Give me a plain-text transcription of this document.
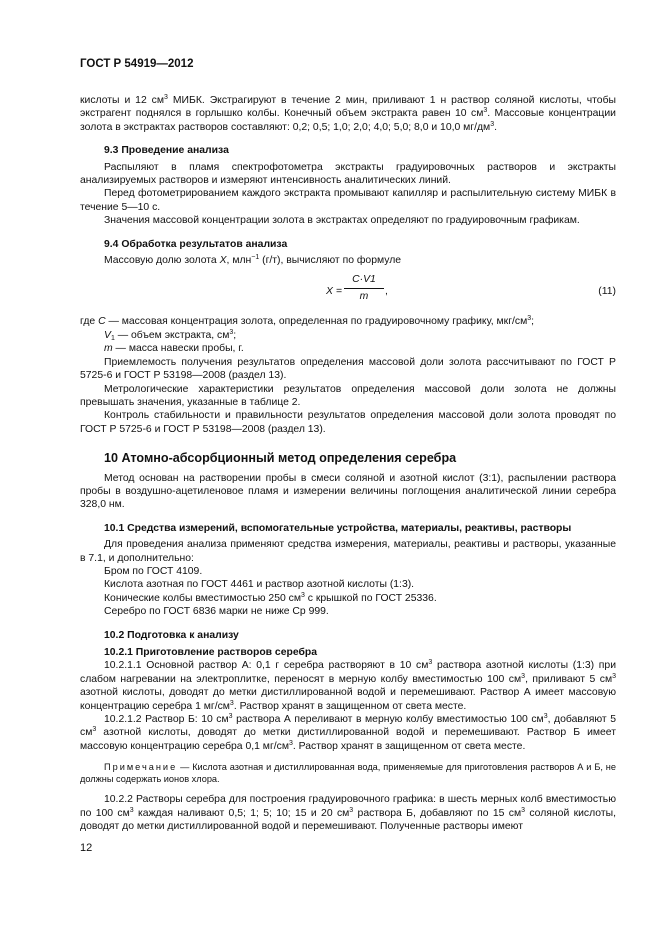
ГОСТ Р 54919—2012

кислоты и 12 $см^3$ МИБК. Экстрагируют в течение 2 мин, приливают 1 н раствор соляной кислоты, чтобы экстрагент поднялся в горлышко колбы. Конечный объем экстракта равен 10 $см^3$. Массовые концентрации золота в экстрактах растворов составляют: 0,2; 0,5; 1,0; 2,0; 4,0; 5,0; 8,0 и 10,0 $мг/дм^3$.

9.3 Проведение анализа

Распыляют в пламя спектрофотометра экстракты градуировочных растворов и экстракты анализируемых растворов и измеряют интенсивность аналитических линий.

Перед фотометрированием каждого экстракта промывают капилляр и распылительную систему МИБК в течение 5—10 с.

Значения массовой концентрации золота в экстрактах определяют по градуировочным графикам.

9.4 Обработка результатов анализа

Массовую долю золота X, млн$^{-1}$ (г/т), вычисляют по формуле

$X = \frac{C\cdot V1}{m}$ ,	(11)

где C — массовая концентрация золота, определенная по градуировочному графику, мкг/$см^3$;

$V_1$ — объем экстракта, $см^3$;

m — масса навески пробы, г.

Приемлемость получения результатов определения массовой доли золота рассчитывают по ГОСТ Р 5725-6 и ГОСТ Р 53198—2008 (раздел 13).

Метрологические характеристики результатов определения массовой доли золота не должны превышать значения, указанные в таблице 2.

Контроль стабильности и правильности результатов определения массовой доли золота проводят по ГОСТ Р 5725-6 и ГОСТ Р 53198—2008 (раздел 13).

10 Атомно-абсорбционный метод определения серебра

Метод основан на растворении пробы в смеси соляной и азотной кислот (3:1), распылении раствора пробы в воздушно-ацетиленовое пламя и измерении величины поглощения аналитической линии серебра 328,0 нм.

10.1 Средства измерений, вспомогательные устройства, материалы, реактивы, растворы

Для проведения анализа применяют средства измерения, материалы, реактивы и растворы, указанные в 7.1, и дополнительно:

Бром по ГОСТ 4109.

Кислота азотная по ГОСТ 4461 и раствор азотной кислоты (1:3).

Конические колбы вместимостью 250 $см^3$ с крышкой по ГОСТ 25336.

Серебро по ГОСТ 6836 марки не ниже Ср 999.

10.2 Подготовка к анализу
10.2.1 Приготовление растворов серебра

10.2.1.1 Основной раствор А: 0,1 г серебра растворяют в 10 $см^3$ раствора азотной кислоты (1:3) при слабом нагревании на электроплитке, переносят в мерную колбу вместимостью 100 $см^3$, приливают 5 $см^3$ азотной кислоты, доводят до метки дистиллированной водой и перемешивают. Раствор А имеет массовую концентрацию серебра 1 $мг/см^3$. Раствор хранят в защищенном от света месте.

10.2.1.2 Раствор Б: 10 $см^3$ раствора А переливают в мерную колбу вместимостью 100 $см^3$, добавляют 5 $см^3$ азотной кислоты, доводят до метки дистиллированной водой и перемешивают. Раствор Б имеет массовую концентрацию серебра 0,1 $мг/см^3$. Раствор хранят в защищенном от света месте.

Примечание — Кислота азотная и дистиллированная вода, применяемые для приготовления растворов А и Б, не должны содержать ионов хлора.

10.2.2 Растворы серебра для построения градуировочного графика: в шесть мерных колб вместимостью по 100 $см^3$ каждая наливают 0,5; 1; 5; 10; 15 и 20 $см^3$ раствора Б, добавляют по 15 $см^3$ соляной кислоты, доводят до метки дистиллированной водой и перемешивают. Полученные растворы имеют

12
